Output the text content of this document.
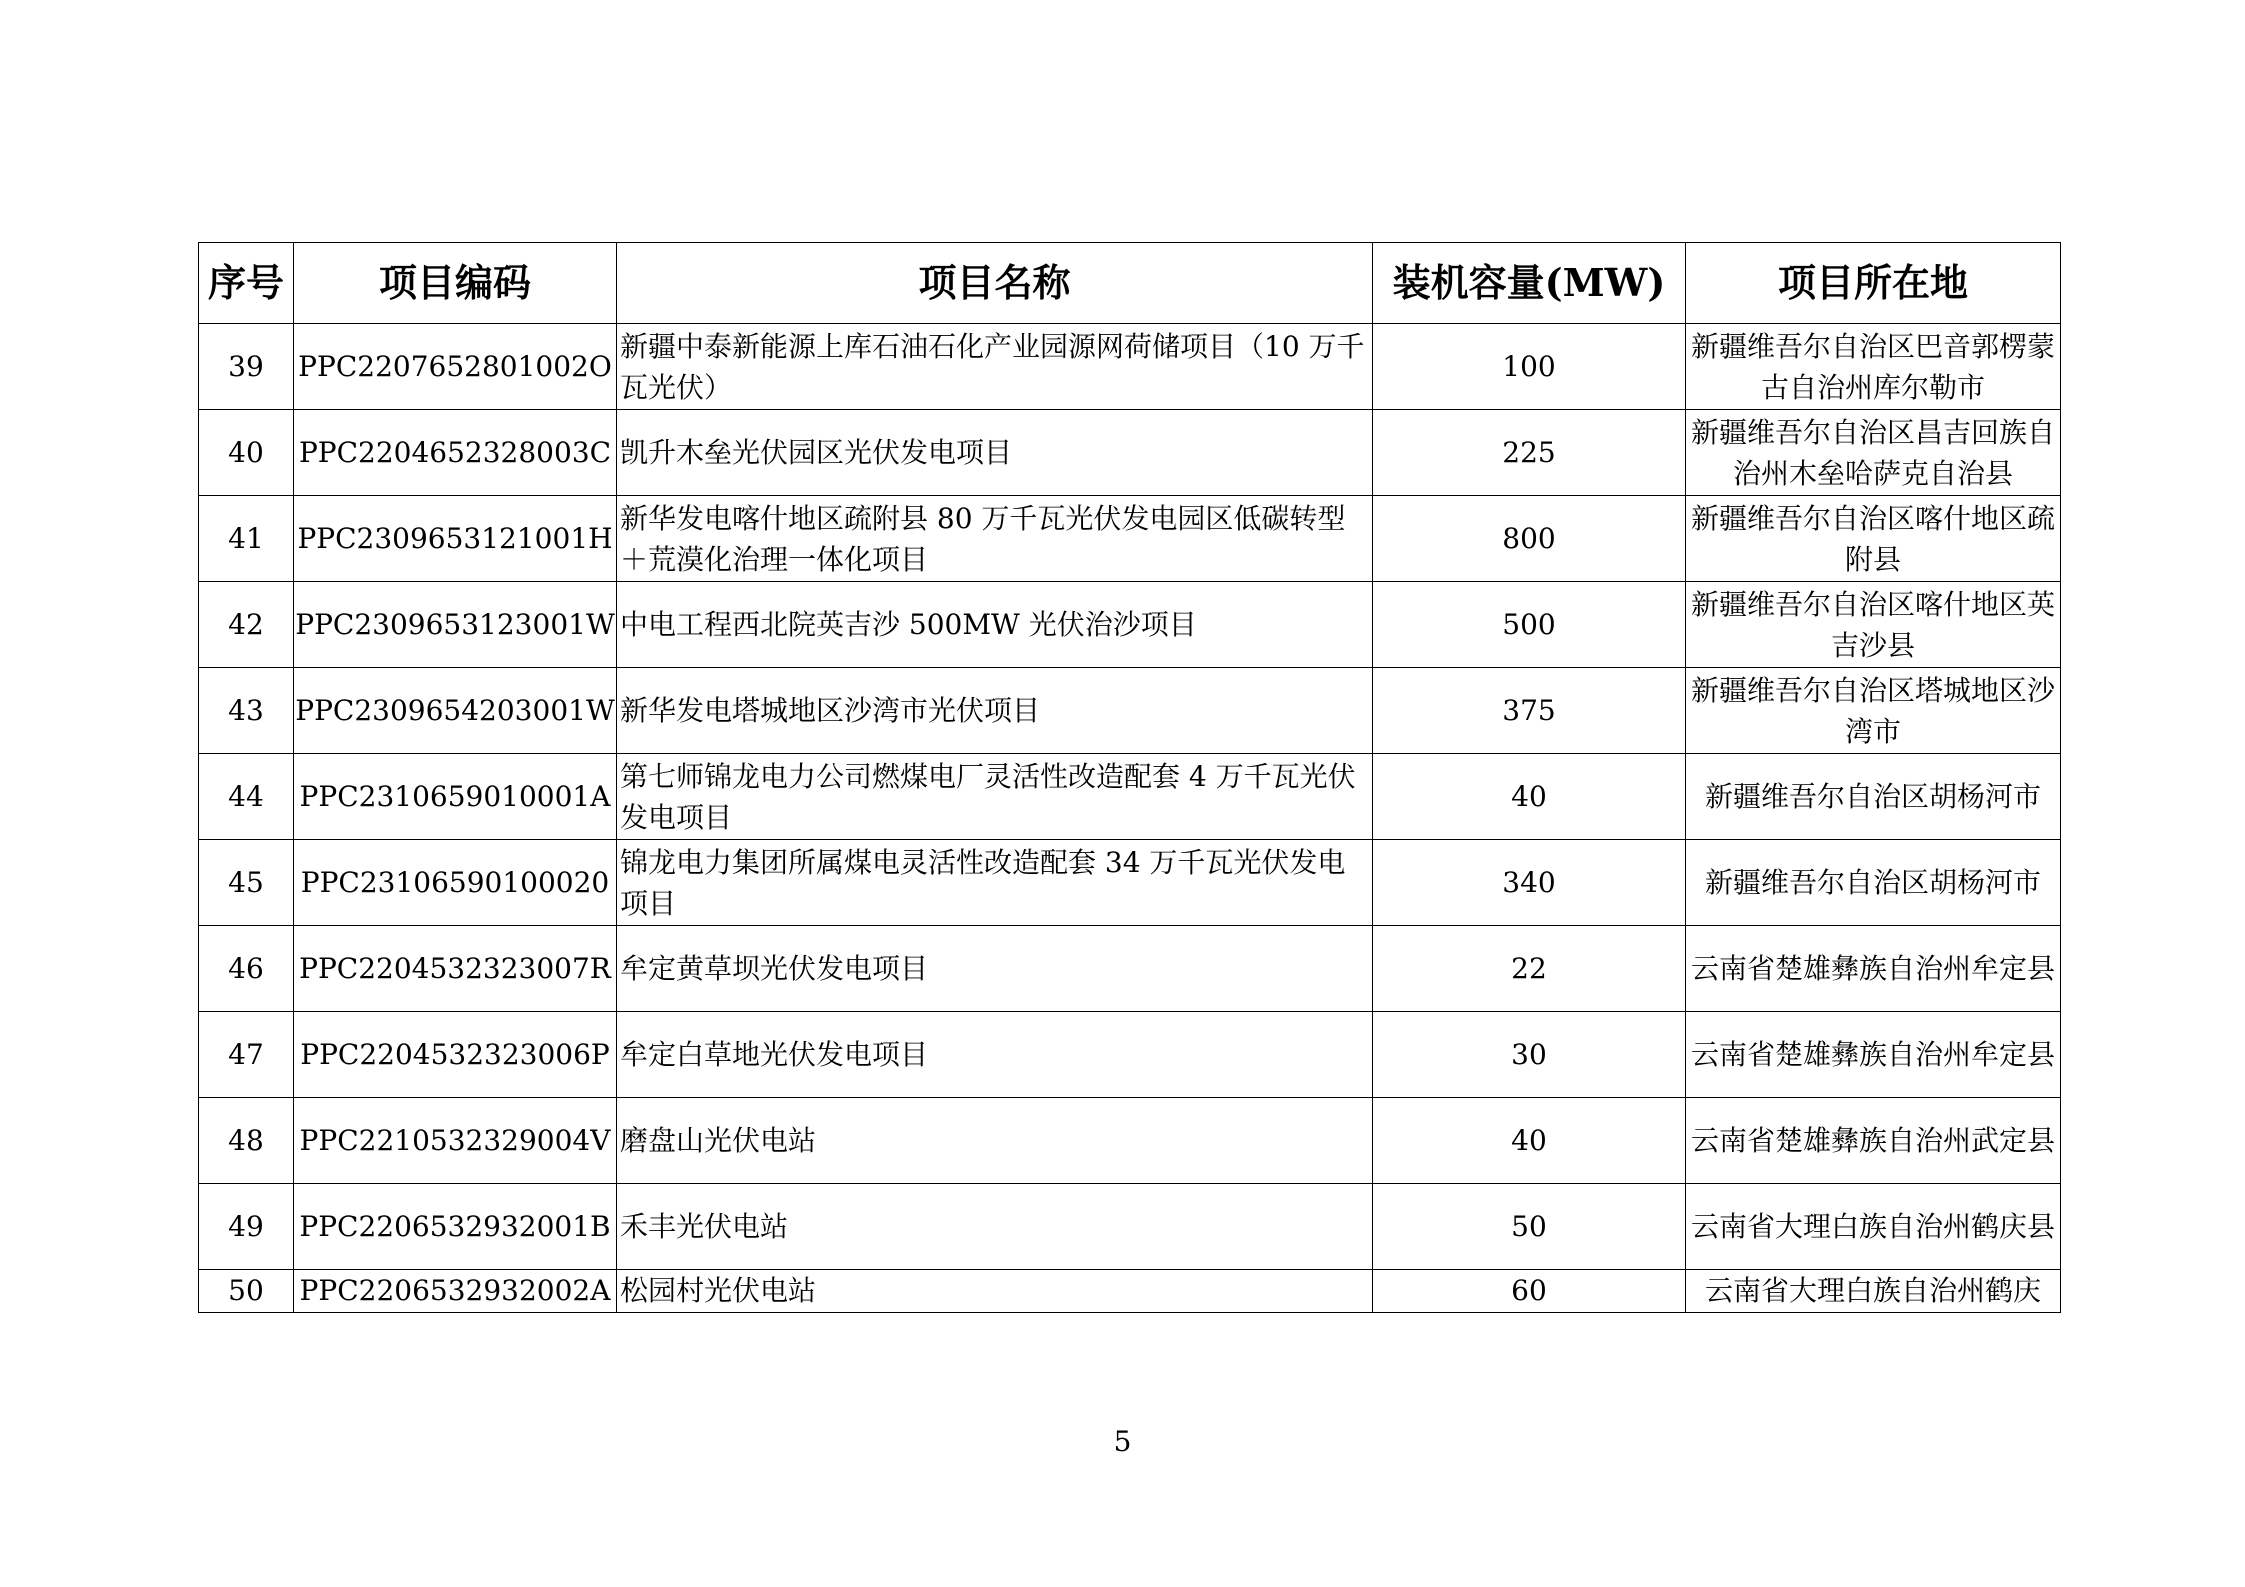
序号	项目编码	项目名称	装机容量(MW)	项目所在地
39	PPC2207652801002O	新疆中泰新能源上库石油石化产业园源网荷储项目（10 万千瓦光伏）	100	新疆维吾尔自治区巴音郭楞蒙古自治州库尔勒市
40	PPC2204652328003C	凯升木垒光伏园区光伏发电项目	225	新疆维吾尔自治区昌吉回族自治州木垒哈萨克自治县
41	PPC2309653121001H	新华发电喀什地区疏附县 80 万千瓦光伏发电园区低碳转型＋荒漠化治理一体化项目	800	新疆维吾尔自治区喀什地区疏附县
42	PPC2309653123001W	中电工程西北院英吉沙 500MW 光伏治沙项目	500	新疆维吾尔自治区喀什地区英吉沙县
43	PPC2309654203001W	新华发电塔城地区沙湾市光伏项目	375	新疆维吾尔自治区塔城地区沙湾市
44	PPC2310659010001A	第七师锦龙电力公司燃煤电厂灵活性改造配套 4 万千瓦光伏发电项目	40	新疆维吾尔自治区胡杨河市
45	PPC23106590100020	锦龙电力集团所属煤电灵活性改造配套 34 万千瓦光伏发电项目	340	新疆维吾尔自治区胡杨河市
46	PPC2204532323007R	牟定黄草坝光伏发电项目	22	云南省楚雄彝族自治州牟定县
47	PPC2204532323006P	牟定白草地光伏发电项目	30	云南省楚雄彝族自治州牟定县
48	PPC2210532329004V	磨盘山光伏电站	40	云南省楚雄彝族自治州武定县
49	PPC2206532932001B	禾丰光伏电站	50	云南省大理白族自治州鹤庆县
50	PPC2206532932002A	松园村光伏电站	60	云南省大理白族自治州鹤庆
5
